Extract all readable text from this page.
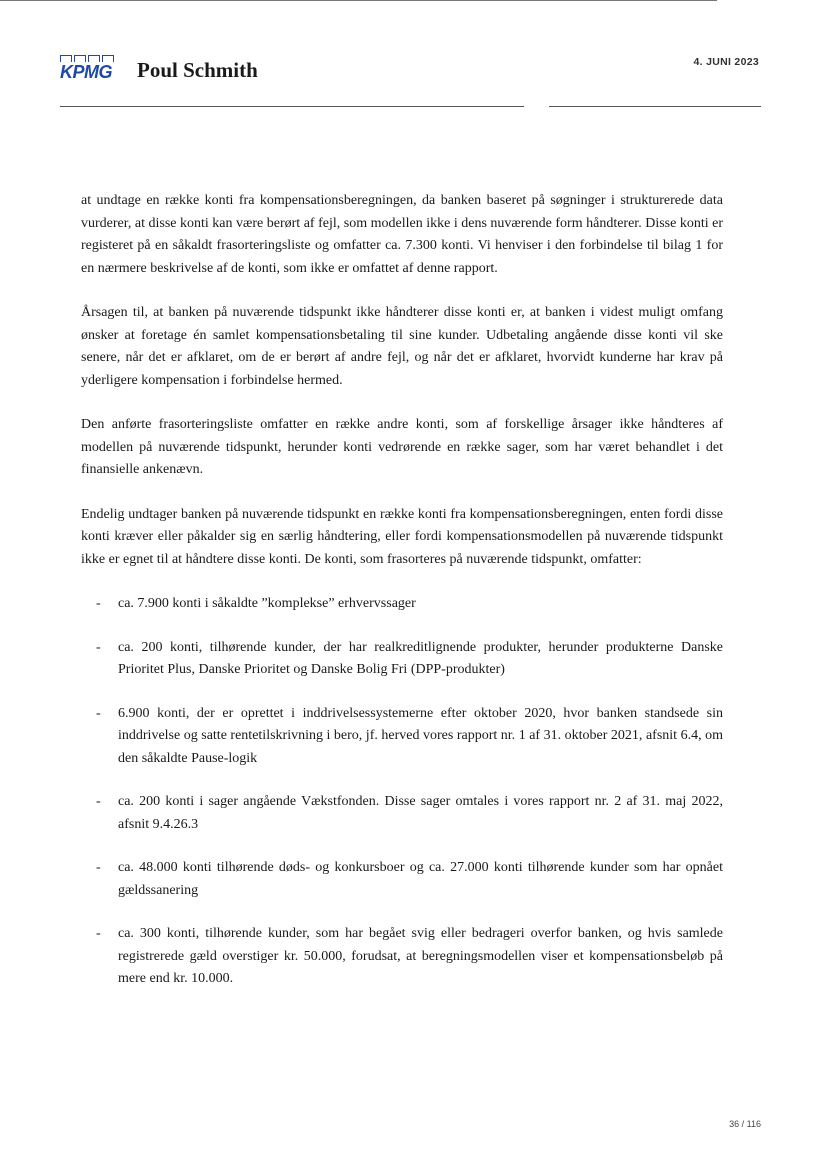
KPMG Poul Schmith	4. JUNI 2023

at undtage en række konti fra kompensationsberegningen, da banken baseret på søgninger i strukturerede data vurderer, at disse konti kan være berørt af fejl, som modellen ikke i dens nuværende form håndterer. Disse konti er registeret på en såkaldt frasorteringsliste og omfatter ca. 7.300 konti. Vi henviser i den forbindelse til bilag 1 for en nærmere beskrivelse af de konti, som ikke er omfattet af denne rapport.

Årsagen til, at banken på nuværende tidspunkt ikke håndterer disse konti er, at banken i videst muligt omfang ønsker at foretage én samlet kompensationsbetaling til sine kunder. Udbetaling angående disse konti vil ske senere, når det er afklaret, om de er berørt af andre fejl, og når det er afklaret, hvorvidt kunderne har krav på yderligere kompensation i forbindelse hermed.

Den anførte frasorteringsliste omfatter en række andre konti, som af forskellige årsager ikke håndteres af modellen på nuværende tidspunkt, herunder konti vedrørende en række sager, som har været behandlet i det finansielle ankenævn.

Endelig undtager banken på nuværende tidspunkt en række konti fra kompensationsberegningen, enten fordi disse konti kræver eller påkalder sig en særlig håndtering, eller fordi kompensationsmodellen på nuværende tidspunkt ikke er egnet til at håndtere disse konti. De konti, som frasorteres på nuværende tidspunkt, omfatter:

- ca. 7.900 konti i såkaldte ”komplekse” erhvervssager
- ca. 200 konti, tilhørende kunder, der har realkreditlignende produkter, herunder produkterne Danske Prioritet Plus, Danske Prioritet og Danske Bolig Fri (DPP-produkter)
- 6.900 konti, der er oprettet i inddrivelsessystemerne efter oktober 2020, hvor banken standsede sin inddrivelse og satte rentetilskrivning i bero, jf. herved vores rapport nr. 1 af 31. oktober 2021, afsnit 6.4, om den såkaldte Pause-logik
- ca. 200 konti i sager angående Vækstfonden. Disse sager omtales i vores rapport nr. 2 af 31. maj 2022, afsnit 9.4.26.3
- ca. 48.000 konti tilhørende døds- og konkursboer og ca. 27.000 konti tilhørende kunder som har opnået gældssanering
- ca. 300 konti, tilhørende kunder, som har begået svig eller bedrageri overfor banken, og hvis samlede registrerede gæld overstiger kr. 50.000, forudsat, at beregningsmodellen viser et kompensationsbeløb på mere end kr. 10.000.
36 / 116
